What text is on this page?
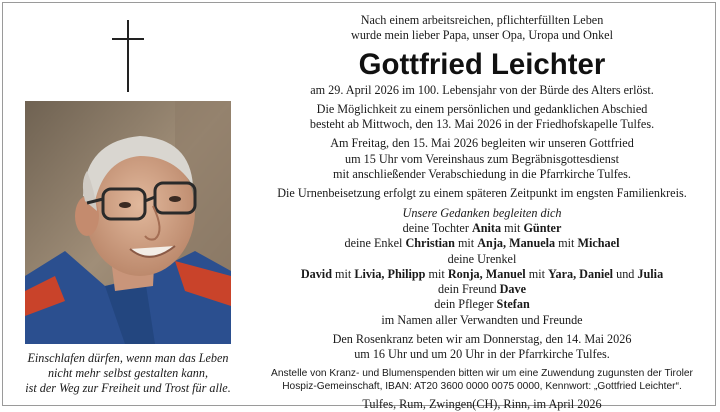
Einschlafen dürfen, wenn man das Leben
nicht mehr selbst gestalten kann,
ist der Weg zur Freiheit und Trost für alle.
Nach einem arbeitsreichen, pflichterfüllten Leben
wurde mein lieber Papa, unser Opa, Uropa und Onkel
Gottfried Leichter
am 29. April 2026 im 100. Lebensjahr von der Bürde des Alters erlöst.
Die Möglichkeit zu einem persönlichen und gedanklichen Abschied
besteht ab Mittwoch, den 13. Mai 2026 in der Friedhofskapelle Tulfes.
Am Freitag, den 15. Mai 2026 begleiten wir unseren Gottfried
um 15 Uhr vom Vereinshaus zum Begräbnisgottesdienst
mit anschließender Verabschiedung in die Pfarrkirche Tulfes.
Die Urnenbeisetzung erfolgt zu einem späteren Zeitpunkt im engsten Familienkreis.
Unsere Gedanken begleiten dich
deine Tochter Anita mit Günter
deine Enkel Christian mit Anja, Manuela mit Michael
deine Urenkel
David mit Livia, Philipp mit Ronja, Manuel mit Yara, Daniel und Julia
dein Freund Dave
dein Pfleger Stefan
im Namen aller Verwandten und Freunde
Den Rosenkranz beten wir am Donnerstag, den 14. Mai 2026
um 16 Uhr und um 20 Uhr in der Pfarrkirche Tulfes.
Anstelle von Kranz- und Blumenspenden bitten wir um eine Zuwendung zugunsten der Tiroler
Hospiz-Gemeinschaft, IBAN: AT20 3600 0000 0075 0000, Kennwort: „Gottfried Leichter“.
Tulfes, Rum, Zwingen(CH), Rinn, im April 2026
